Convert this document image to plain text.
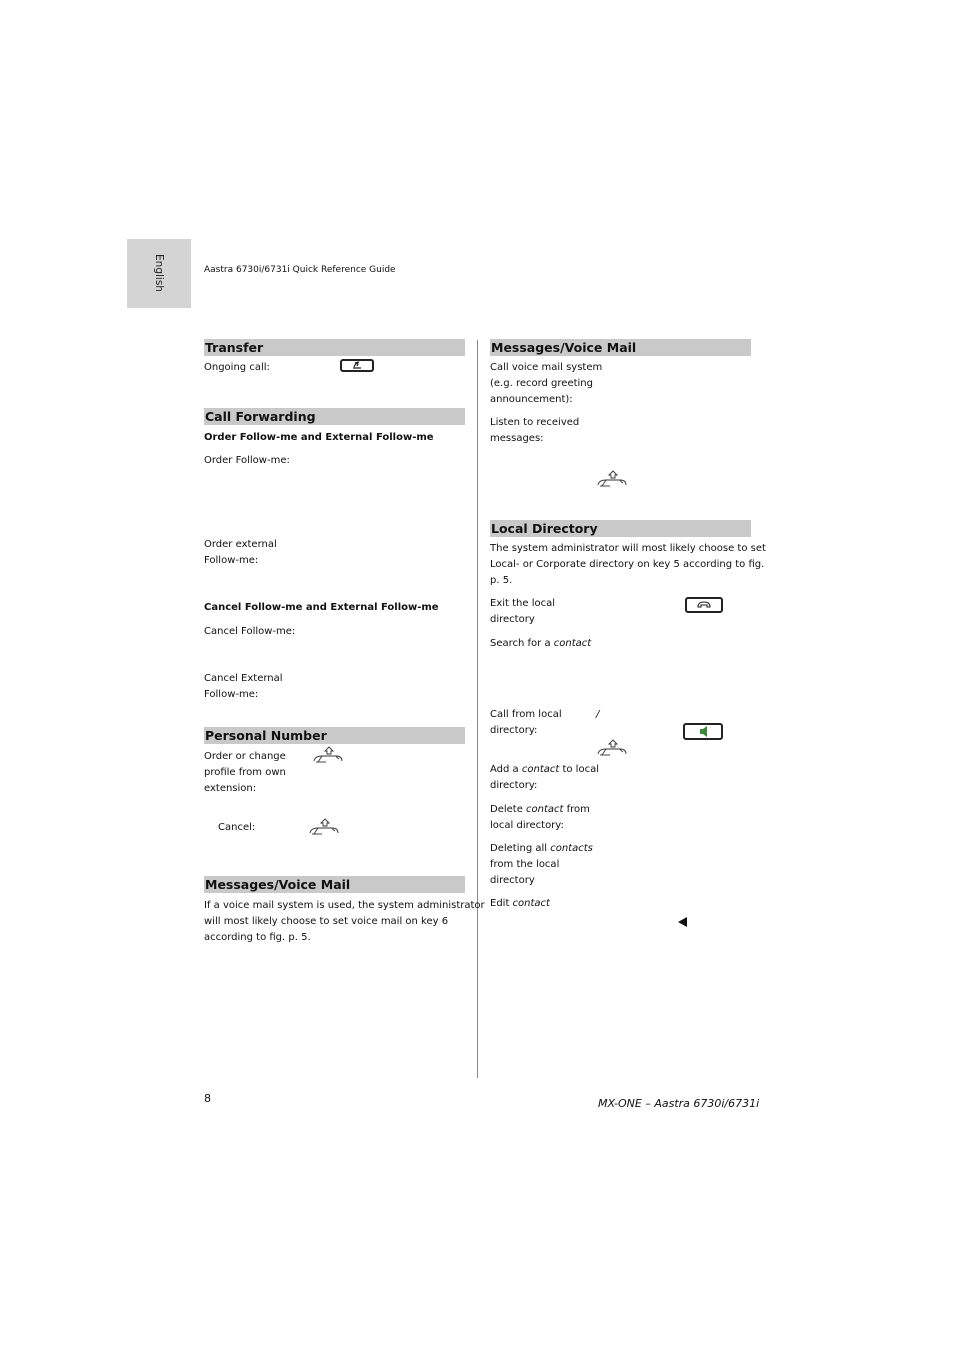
English	Aastra 6730i/6731i Quick Reference Guide
Transfer
Ongoing call:
Call Forwarding
Order Follow-me and External Follow-me
Order Follow-me:
Order external
Follow-me:
Cancel Follow-me and External Follow-me
Cancel Follow-me:
Cancel External
Follow-me:
Personal Number
Order or change
profile from own
extension:
Cancel:
Messages/Voice Mail
If a voice mail system is used, the system administrator
will most likely choose to set voice mail on key 6
according to fig. p. 5.
Messages/Voice Mail
Call voice mail system
(e.g. record greeting
announcement):
Listen to received
messages:
Local Directory
The system administrator will most likely choose to set
Local- or Corporate directory on key 5 according to fig.
p. 5.
Exit the local
directory
Search for a contact
Call from local	/
directory:
Add a contact to local
directory:
Delete contact from
local directory:
Deleting all contacts
from the local
directory
Edit contact
8	MX-ONE – Aastra 6730i/6731i
